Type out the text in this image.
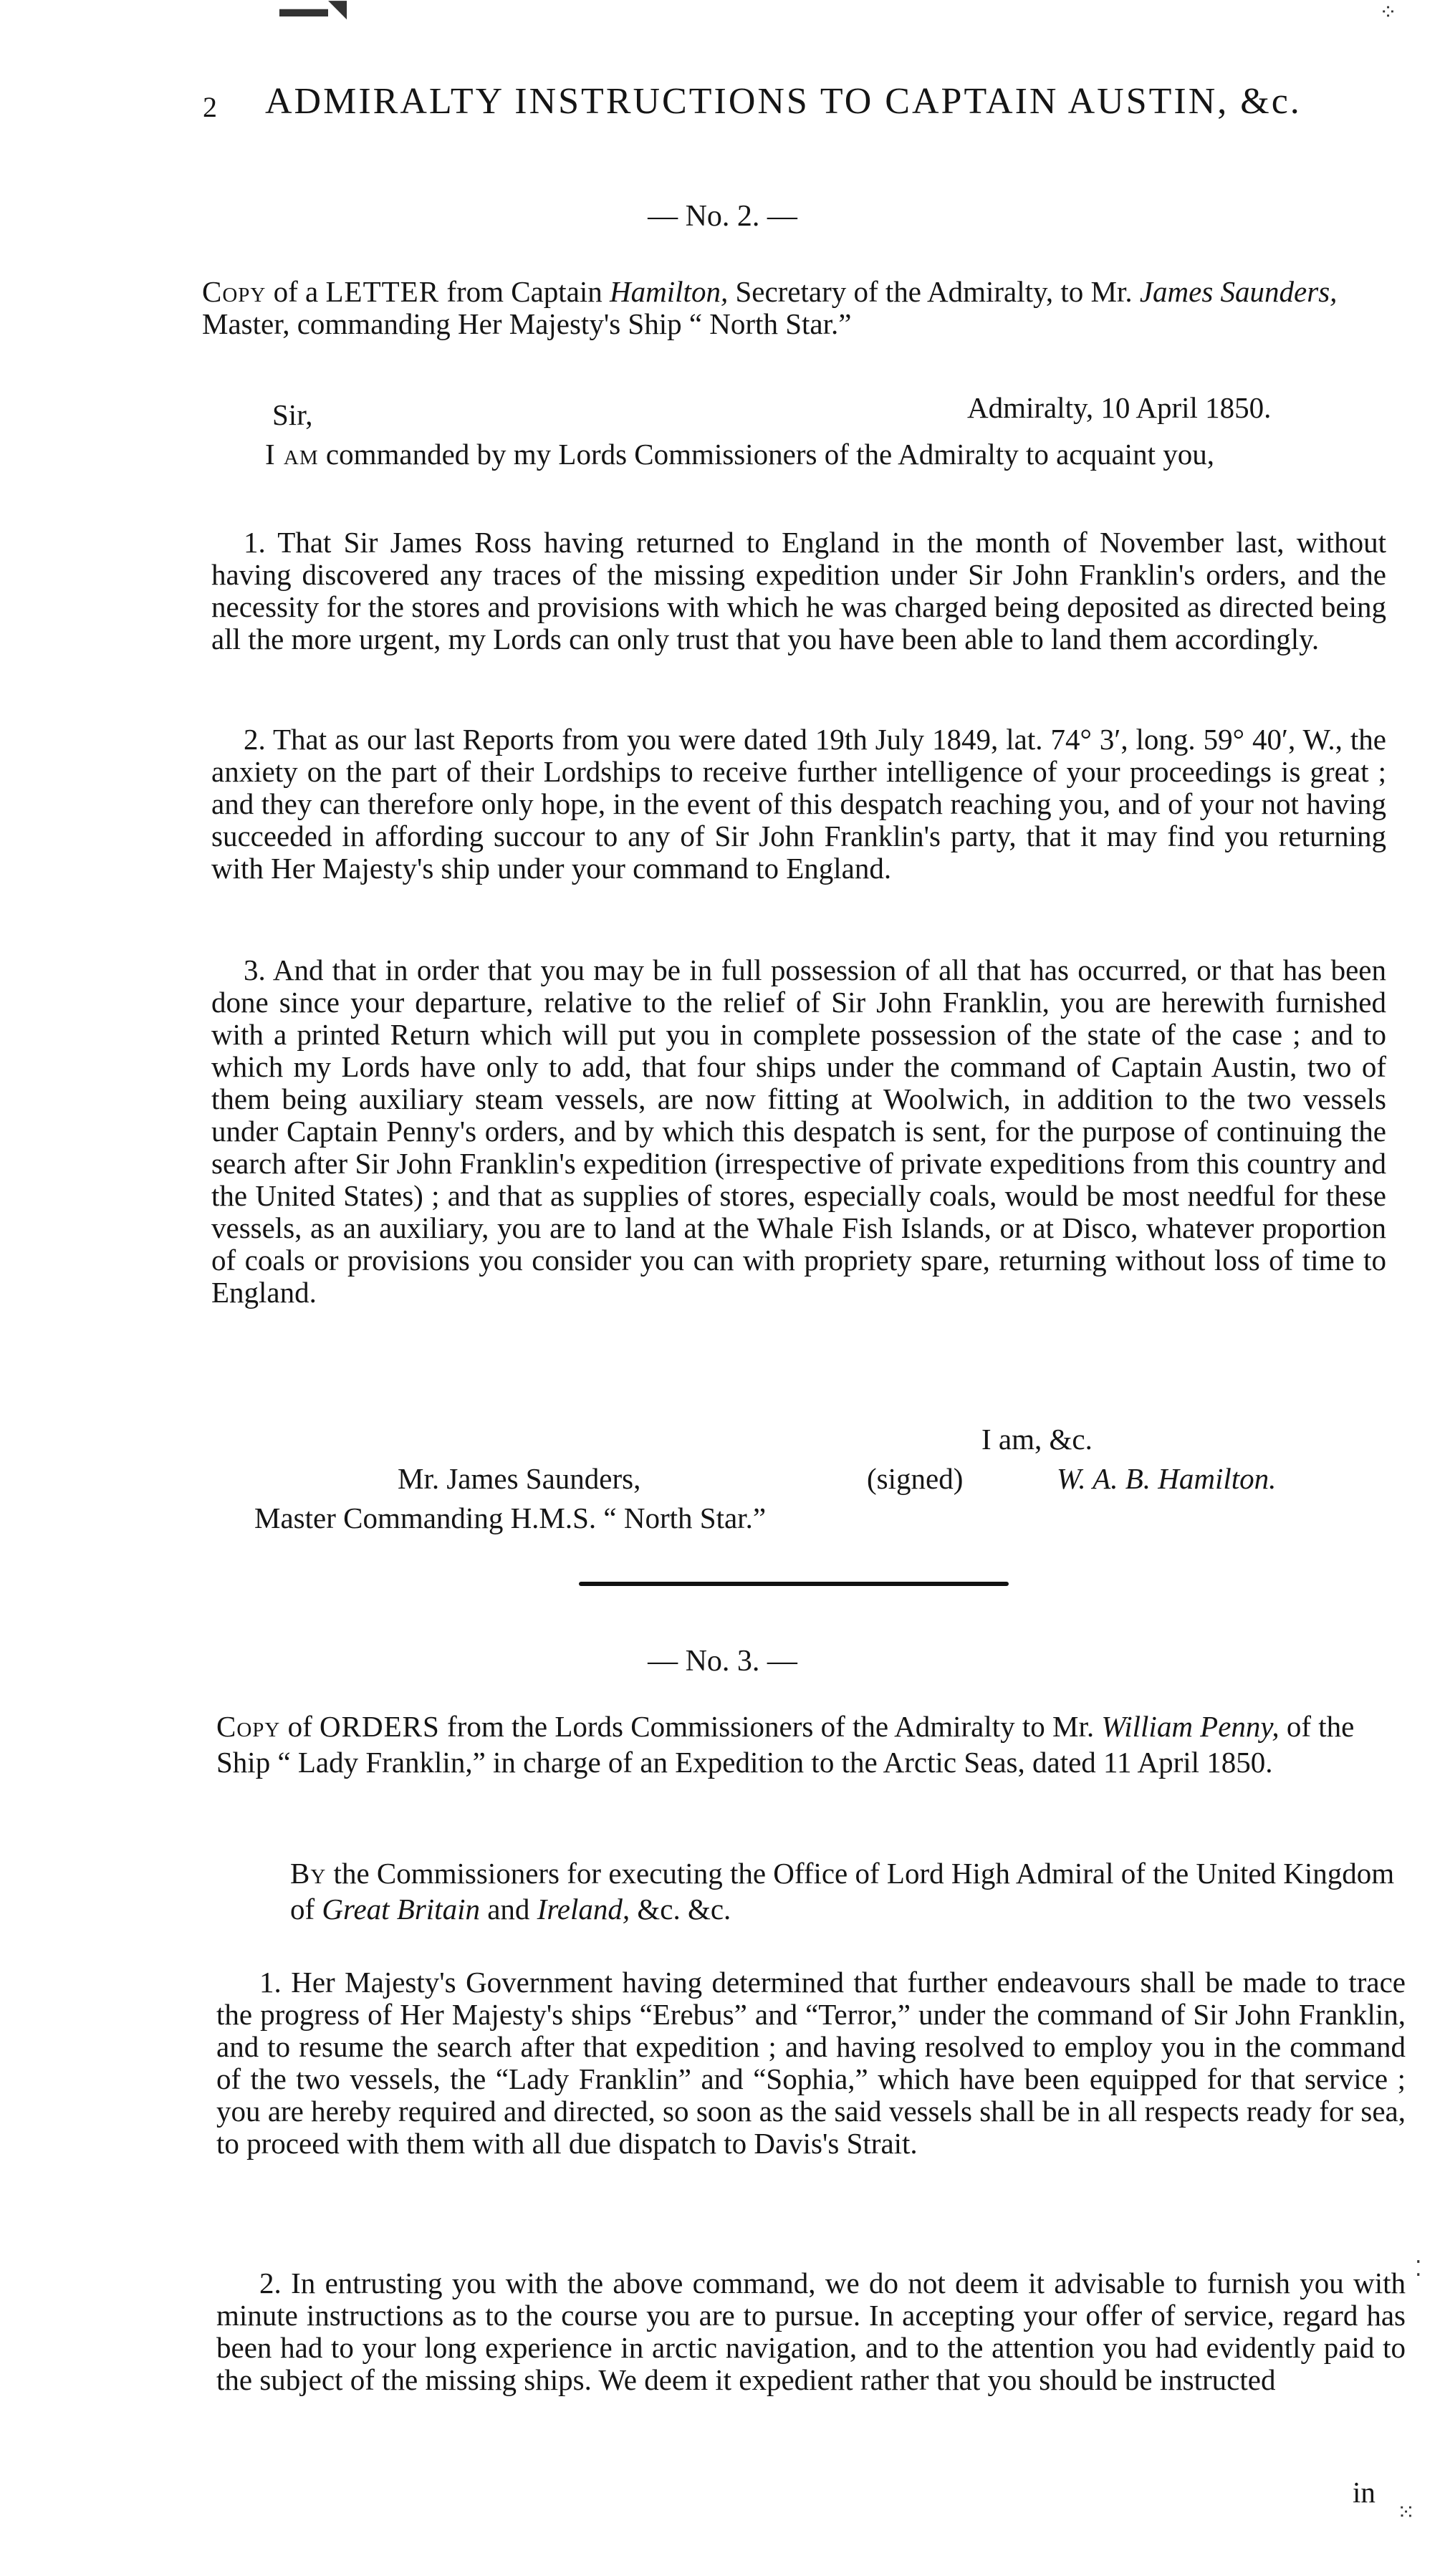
▬▬◥
2 ADMIRALTY INSTRUCTIONS TO CAPTAIN AUSTIN, &c.
— No. 2. —

Copy of a LETTER from Captain Hamilton, Secretary of the Admiralty, to Mr. James Saunders, Master, commanding Her Majesty's Ship “ North Star.”

Sir,	Admiralty, 10 April 1850.

I am commanded by my Lords Commissioners of the Admiralty to acquaint you,

1. That Sir James Ross having returned to England in the month of November last, without having discovered any traces of the missing expedition under Sir John Franklin's orders, and the necessity for the stores and provisions with which he was charged being deposited as directed being all the more urgent, my Lords can only trust that you have been able to land them accordingly.

2. That as our last Reports from you were dated 19th July 1849, lat. 74° 3′, long. 59° 40′, W., the anxiety on the part of their Lordships to receive further intelligence of your proceedings is great ; and they can therefore only hope, in the event of this despatch reaching you, and of your not having succeeded in affording succour to any of Sir John Franklin's party, that it may find you returning with Her Majesty's ship under your command to England.

3. And that in order that you may be in full possession of all that has occurred, or that has been done since your departure, relative to the relief of Sir John Franklin, you are herewith furnished with a printed Return which will put you in complete possession of the state of the case ; and to which my Lords have only to add, that four ships under the command of Captain Austin, two of them being auxiliary steam vessels, are now fitting at Woolwich, in addition to the two vessels under Captain Penny's orders, and by which this despatch is sent, for the purpose of continuing the search after Sir John Franklin's expedition (irrespective of private expeditions from this country and the United States) ; and that as supplies of stores, especially coals, would be most needful for these vessels, as an auxiliary, you are to land at the Whale Fish Islands, or at Disco, whatever proportion of coals or provisions you consider you can with propriety spare, returning without loss of time to England.

I am, &c.
Mr. James Saunders,	(signed)	W. A. B. Hamilton.
Master Commanding H.M.S. “ North Star.”
— No. 3. —

Copy of ORDERS from the Lords Commissioners of the Admiralty to Mr. William Penny, of the Ship “ Lady Franklin,” in charge of an Expedition to the Arctic Seas, dated 11 April 1850.

By the Commissioners for executing the Office of Lord High Admiral of the United Kingdom of Great Britain and Ireland, &c. &c.

1. Her Majesty's Government having determined that further endeavours shall be made to trace the progress of Her Majesty's ships “Erebus” and “Terror,” under the command of Sir John Franklin, and to resume the search after that expedition ; and having resolved to employ you in the command of the two vessels, the “Lady Franklin” and “Sophia,” which have been equipped for that service ; you are hereby required and directed, so soon as the said vessels shall be in all respects ready for sea, to proceed with them with all due dispatch to Davis's Strait.

2. In entrusting you with the above command, we do not deem it advisable to furnish you with minute instructions as to the course you are to pursue. In accepting your offer of service, regard has been had to your long experience in arctic navigation, and to the attention you had evidently paid to the subject of the missing ships. We deem it expedient rather that you should be instructed

in
⁘
⁙
⁚
